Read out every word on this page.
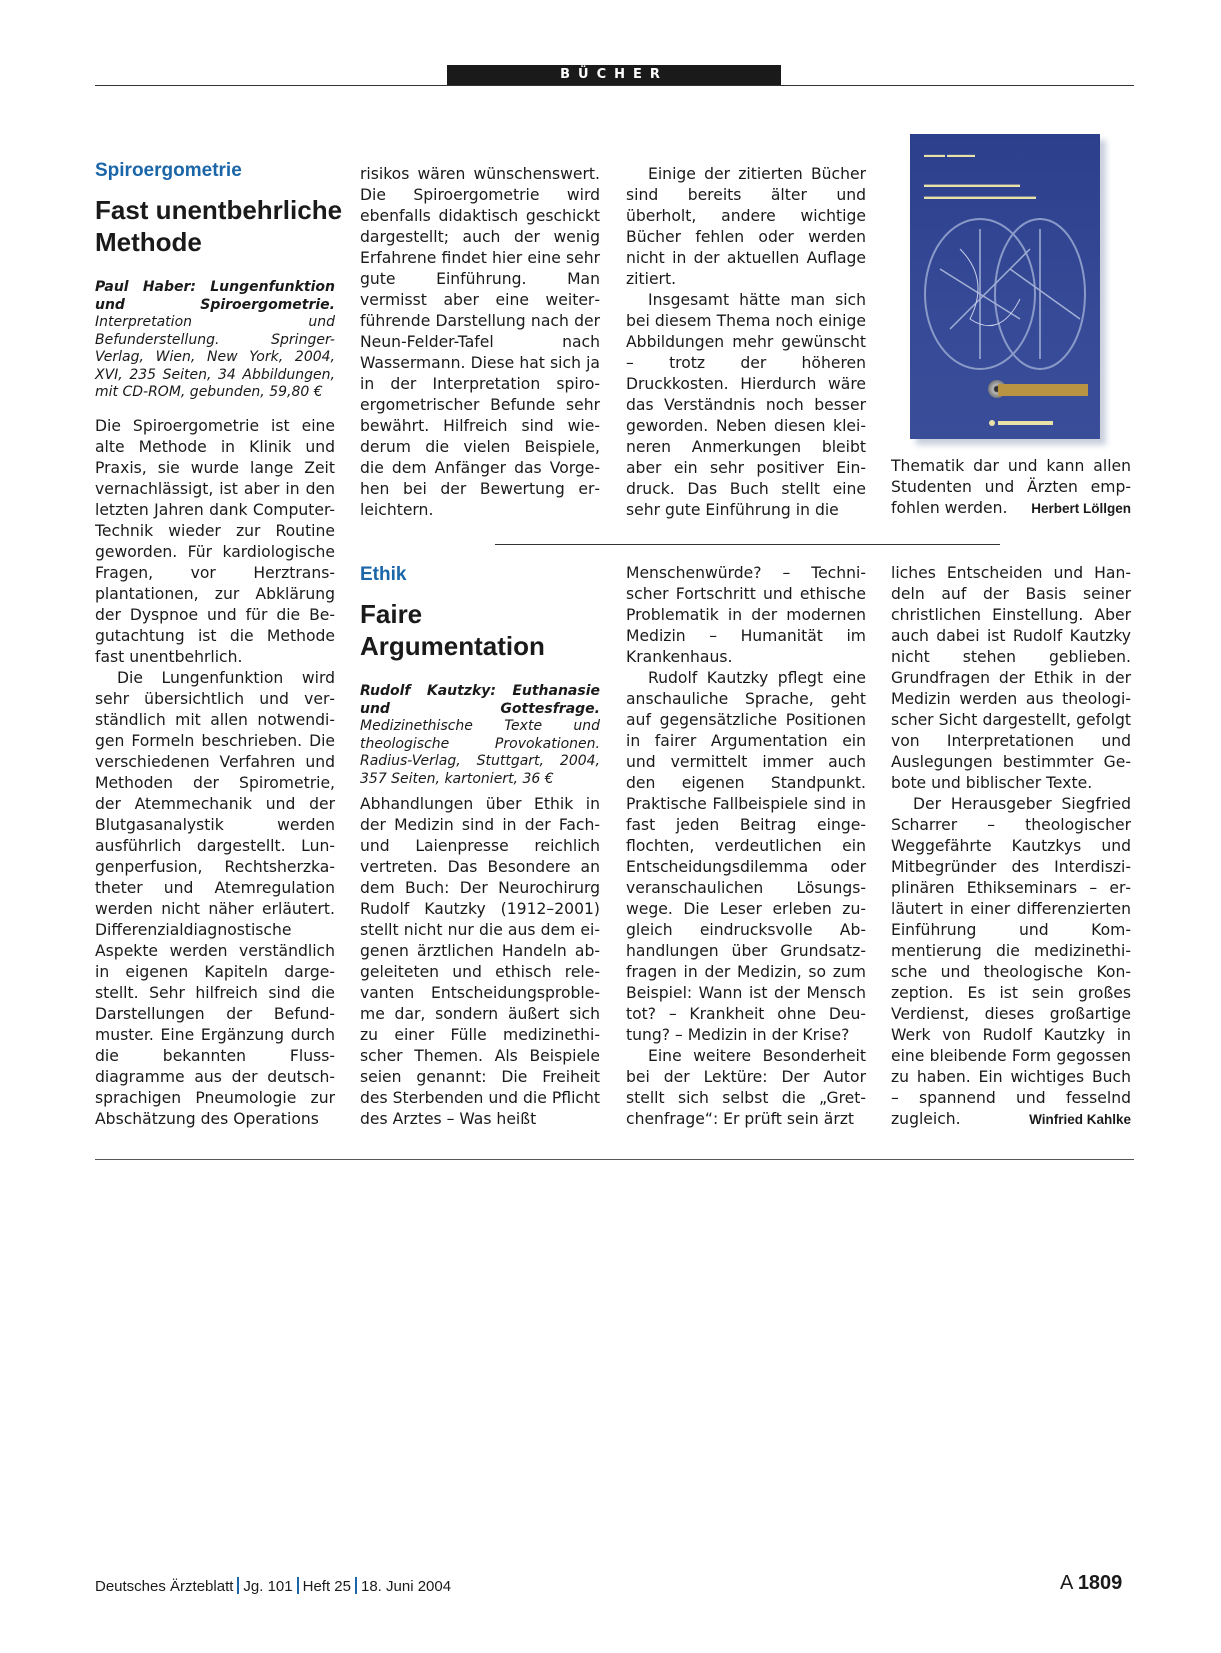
BÜCHER
Spiroergometrie
Fast unentbehrliche
Methode
Paul Haber: Lungenfunktion und Spiroergometrie. Interpretation und Befunderstellung. Springer-Verlag, Wien, New York, 2004, XVI, 235 Seiten, 34 Abbildungen, mit CD-ROM, gebunden, 59,80 €

Die Spiroergometrie ist eine alte Methode in Klinik und Praxis, sie wurde lange Zeit vernachlässigt, ist aber in den letzten Jahren dank Computer-Technik wieder zur Routine geworden. Für kardiologische Fragen, vor Herztransplantationen, zur Abklärung der Dyspnoe und für die Begutachtung ist die Methode fast unentbehrlich.

Die Lungenfunktion wird sehr übersichtlich und verständlich mit allen notwendigen Formeln beschrieben. Die verschiedenen Verfahren und Methoden der Spirometrie, der Atemmechanik und der Blutgasanalystik werden ausführlich dargestellt. Lungenperfusion, Rechtsherzkatheter und Atemregulation werden nicht näher erläutert. Differenzialdiagnostische Aspekte werden verständlich in eigenen Kapiteln dargestellt. Sehr hilfreich sind die Darstellungen der Befundmuster. Eine Ergänzung durch die bekannten Flussdiagramme aus der deutschsprachigen Pneumologie zur Abschätzung des Operations

risikos wären wünschenswert. Die Spiroergometrie wird ebenfalls didaktisch geschickt dargestellt; auch der wenig Erfahrene findet hier eine sehr gute Einführung. Man vermisst aber eine weiterführende Darstellung nach der Neun-Felder-Tafel nach Wassermann. Diese hat sich ja in der Interpretation spiroergometrischer Befunde sehr bewährt. Hilfreich sind wiederum die vielen Beispiele, die dem Anfänger das Vorgehen bei der Bewertung erleichtern.

Einige der zitierten Bücher sind bereits älter und überholt, andere wichtige Bücher fehlen oder werden nicht in der aktuellen Auflage zitiert.

Insgesamt hätte man sich bei diesem Thema noch einige Abbildungen mehr gewünscht – trotz der höheren Druckkosten. Hierdurch wäre das Verständnis noch besser geworden. Neben diesen kleineren Anmerkungen bleibt aber ein sehr positiver Eindruck. Das Buch stellt eine sehr gute Einführung in die

▬▬▬ ▬▬▬▬
▬▬▬▬▬▬▬▬▬▬▬▬
▬▬▬▬▬▬▬▬▬▬▬▬▬▬

Thematik dar und kann allen Studenten und Ärzten empfohlen werden. Herbert Löllgen

Ethik
Faire
Argumentation
Rudolf Kautzky: Euthanasie und Gottesfrage. Medizinethische Texte und theologische Provokationen. Radius-Verlag, Stuttgart, 2004, 357 Seiten, kartoniert, 36 €

Abhandlungen über Ethik in der Medizin sind in der Fach- und Laienpresse reichlich vertreten. Das Besondere an dem Buch: Der Neurochirurg Rudolf Kautzky (1912–2001) stellt nicht nur die aus dem eigenen ärztlichen Handeln abgeleiteten und ethisch relevanten Entscheidungsprobleme dar, sondern äußert sich zu einer Fülle medizinethischer Themen. Als Beispiele seien genannt: Die Freiheit des Sterbenden und die Pflicht des Arztes – Was heißt

Menschenwürde? – Technischer Fortschritt und ethische Problematik in der modernen Medizin – Humanität im Krankenhaus.

Rudolf Kautzky pflegt eine anschauliche Sprache, geht auf gegensätzliche Positionen in fairer Argumentation ein und vermittelt immer auch den eigenen Standpunkt. Praktische Fallbeispiele sind in fast jeden Beitrag eingeflochten, verdeutlichen ein Entscheidungsdilemma oder veranschaulichen Lösungswege. Die Leser erleben zugleich eindrucksvolle Abhandlungen über Grundsatzfragen in der Medizin, so zum Beispiel: Wann ist der Mensch tot? – Krankheit ohne Deutung? – Medizin in der Krise?

Eine weitere Besonderheit bei der Lektüre: Der Autor stellt sich selbst die „Gretchenfrage“: Er prüft sein ärzt

liches Entscheiden und Handeln auf der Basis seiner christlichen Einstellung. Aber auch dabei ist Rudolf Kautzky nicht stehen geblieben. Grundfragen der Ethik in der Medizin werden aus theologischer Sicht dargestellt, gefolgt von Interpretationen und Auslegungen bestimmter Gebote und biblischer Texte.

Der Herausgeber Siegfried Scharrer – theologischer Weggefährte Kautzkys und Mitbegründer des Interdisziplinären Ethikseminars – erläutert in einer differenzierten Einführung und Kommentierung die medizinethische und theologische Konzeption. Es ist sein großes Verdienst, dieses großartige Werk von Rudolf Kautzky in eine bleibende Form gegossen zu haben. Ein wichtiges Buch – spannend und fesselnd zugleich.	Winfried Kahlke

Deutsches Ärzteblatt Jg. 101 Heft 25 18. Juni 2004	A 1809
